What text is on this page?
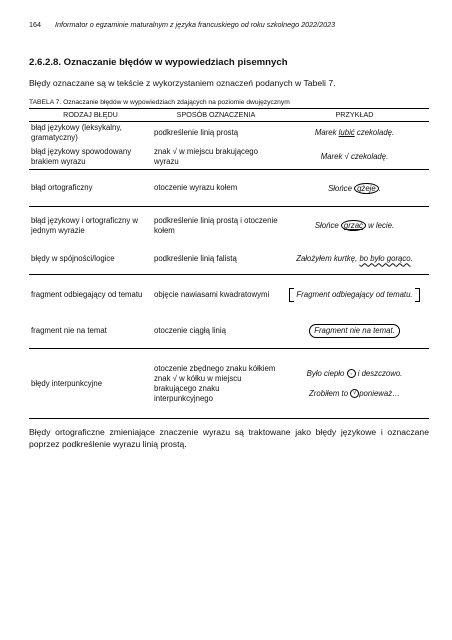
164 Informator o egzaminie maturalnym z języka francuskiego od roku szkolnego 2022/2023
2.6.2.8. Oznaczanie błędów w wypowiedziach pisemnych
Błędy oznaczane są w tekście z wykorzystaniem oznaczeń podanych w Tabeli 7.
TABELA 7. Oznaczanie błędów w wypowiedziach zdających na poziomie dwujęzycznym
RODZAJ BŁĘDU	SPOSÓB OZNACZENIA	PRZYKŁAD
błąd językowy (leksykalny, gramatyczny)	podkreślenie linią prostą	Marek lubić czekoladę.
błąd językowy spowodowany brakiem wyrazu	znak √ w miejscu brakującego wyrazu	Marek √ czekoladę.
błąd ortograficzny	otoczenie wyrazu kołem	Słońce gżeje .
błąd językowy i ortograficzny w jednym wyrazie	podkreślenie linią prostą i otoczenie kołem	Słońce grzać w lecie.
błędy w spójności/logice	podkreślenie linią falistą	Założyłem kurtkę, bo było gorąco.
fragment odbiegający od tematu	objęcie nawiasami kwadratowymi	Fragment odbiegający od tematu.
fragment nie na temat	otoczenie ciągłą linią	Fragment nie na temat.
błędy interpunkcyjne	otoczenie zbędnego znaku kółkiem znak √ w kółku w miejscu brakującego znaku interpunkcyjnego	Było ciepło , i deszczowo.
Zrobiłem to √ ponieważ…
Błędy ortograficzne zmieniające znaczenie wyrazu są traktowane jako błędy językowe i oznaczane poprzez podkreślenie wyrazu linią prostą.
